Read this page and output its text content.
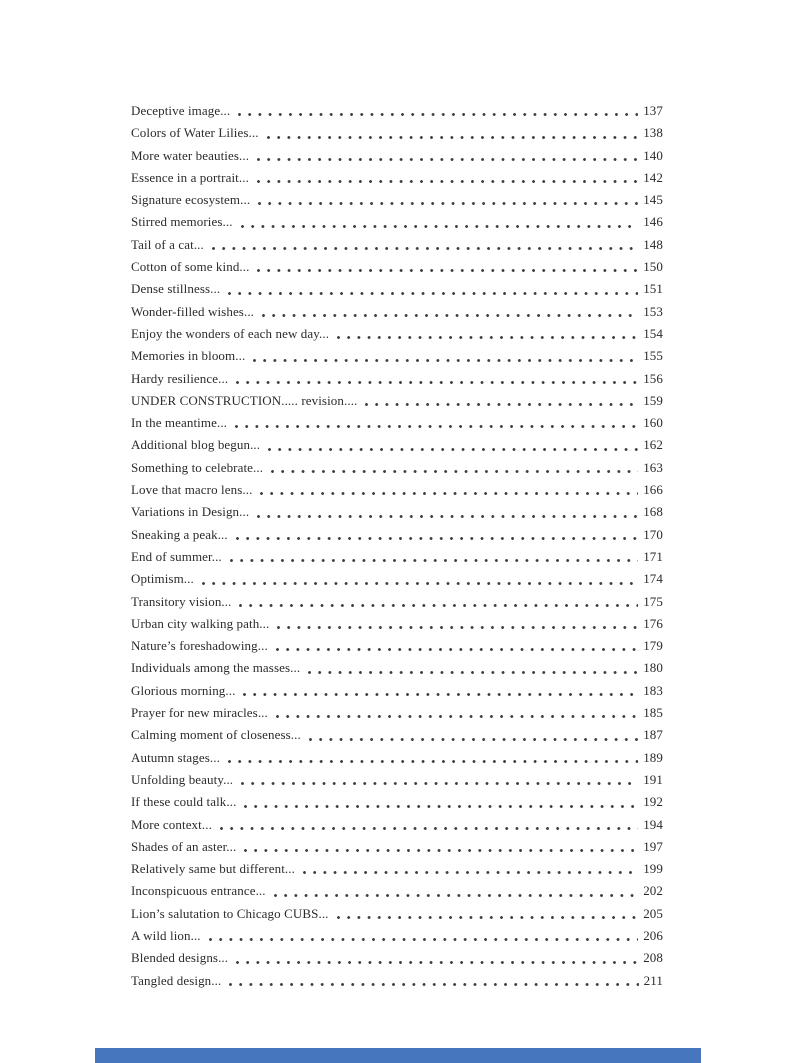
Deceptive image...	137
Colors of Water Lilies...	138
More water beauties...	140
Essence in a portrait...	142
Signature ecosystem...	145
Stirred memories...	146
Tail of a cat...	148
Cotton of some kind...	150
Dense stillness...	151
Wonder-filled wishes...	153
Enjoy the wonders of each new day...	154
Memories in bloom...	155
Hardy resilience...	156
UNDER CONSTRUCTION..... revision....	159
In the meantime...	160
Additional blog begun...	162
Something to celebrate...	163
Love that macro lens...	166
Variations in Design...	168
Sneaking a peak...	170
End of summer...	171
Optimism...	174
Transitory vision...	175
Urban city walking path...	176
Nature’s foreshadowing...	179
Individuals among the masses...	180
Glorious morning...	183
Prayer for new miracles...	185
Calming moment of closeness...	187
Autumn stages...	189
Unfolding beauty...	191
If these could talk...	192
More context...	194
Shades of an aster...	197
Relatively same but different...	199
Inconspicuous entrance...	202
Lion’s salutation to Chicago CUBS...	205
A wild lion...	206
Blended designs...	208
Tangled design...	211
